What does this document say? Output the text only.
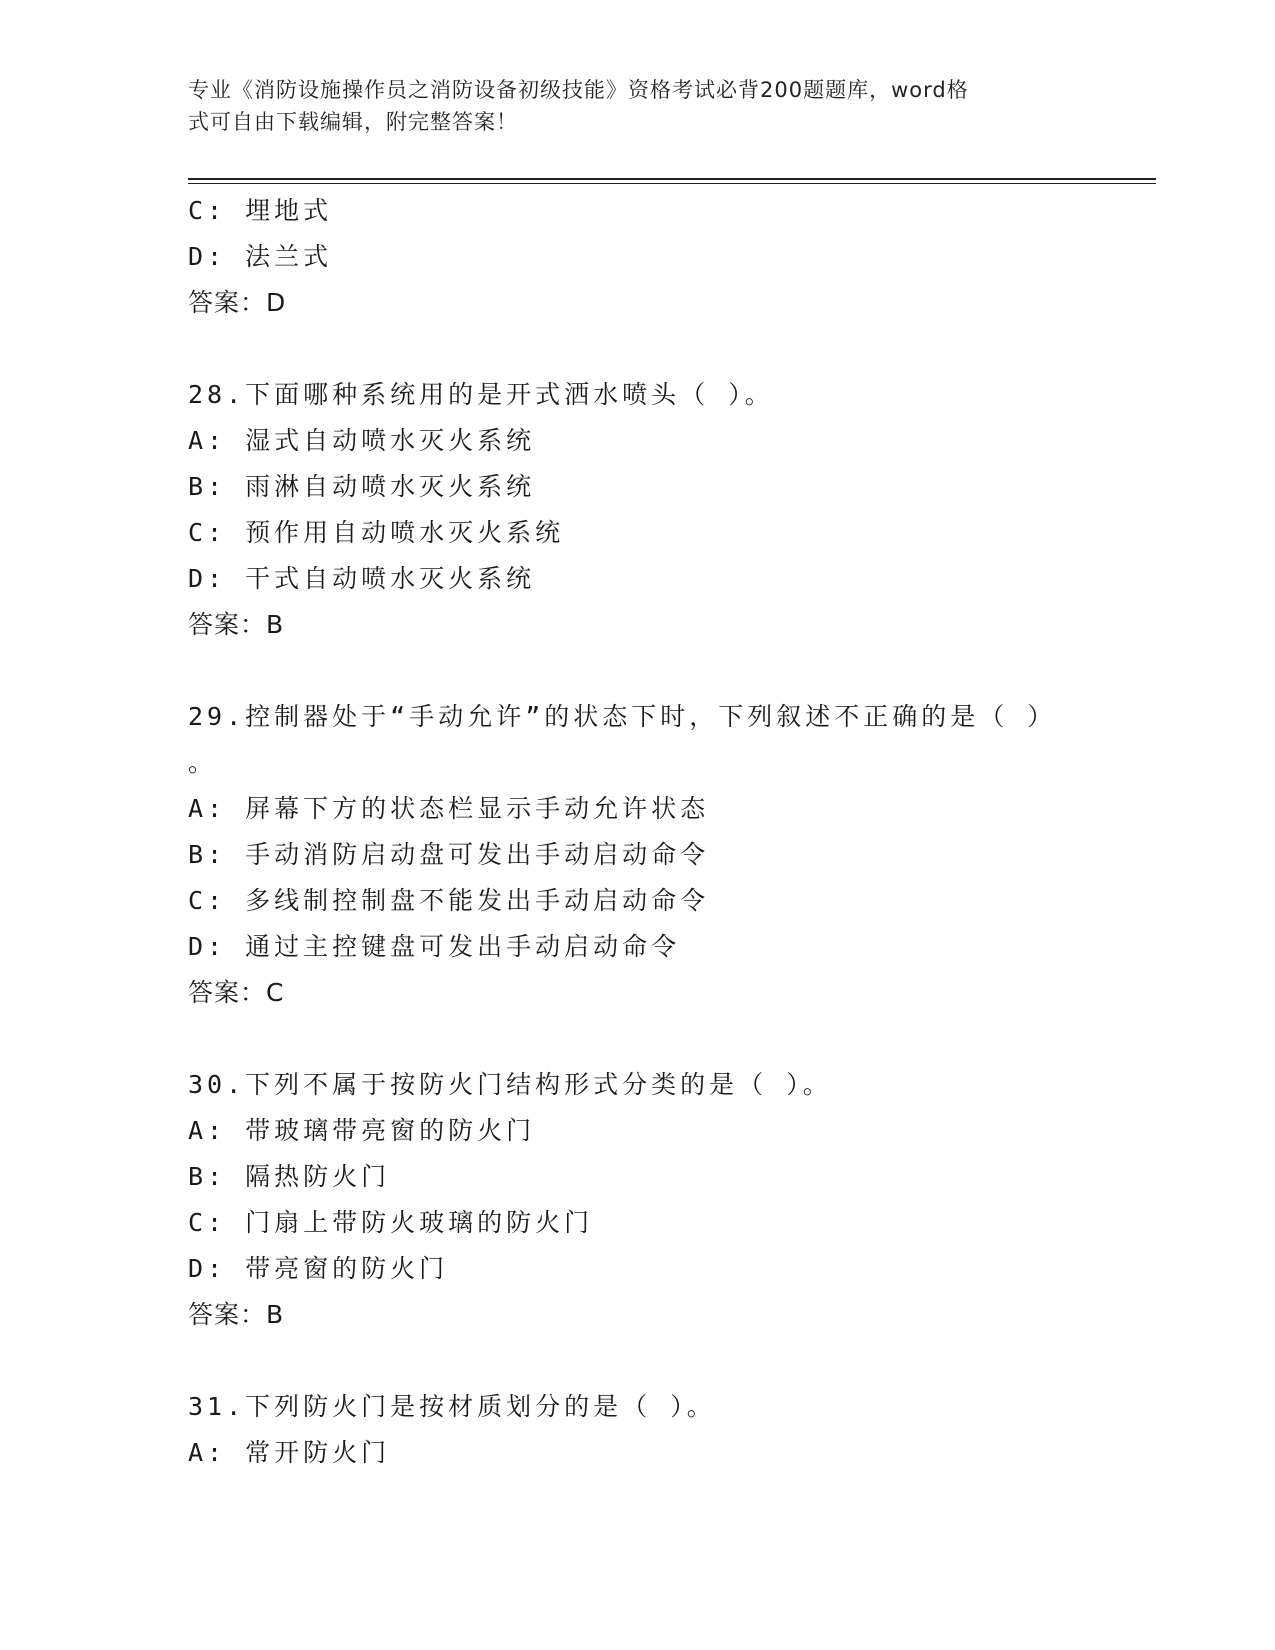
专业《消防设施操作员之消防设备初级技能》资格考试必背200题题库，word格
式可自由下载编辑，附完整答案！
C: 埋地式
D: 法兰式
答案：D
28.下面哪种系统用的是开式洒水喷头（ ）。
A: 湿式自动喷水灭火系统
B: 雨淋自动喷水灭火系统
C: 预作用自动喷水灭火系统
D: 干式自动喷水灭火系统
答案：B
29.控制器处于“手动允许”的状态下时，下列叙述不正确的是（ ）
。
A: 屏幕下方的状态栏显示手动允许状态
B: 手动消防启动盘可发出手动启动命令
C: 多线制控制盘不能发出手动启动命令
D: 通过主控键盘可发出手动启动命令
答案：C
30.下列不属于按防火门结构形式分类的是（ ）。
A: 带玻璃带亮窗的防火门
B: 隔热防火门
C: 门扇上带防火玻璃的防火门
D: 带亮窗的防火门
答案：B
31.下列防火门是按材质划分的是（ ）。
A: 常开防火门
